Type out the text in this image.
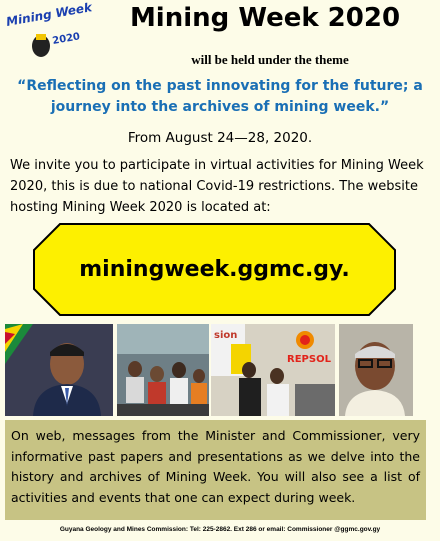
Mining Week
2020
Mining Week 2020
will be held under the theme
“Reflecting on the past innovating for the future; a journey into the archives of mining week.”
From August 24—28, 2020.
We invite you to participate in virtual activities for Mining Week 2020, this is due to national Covid-19 restrictions. The website hosting Mining Week 2020 is located at:
miningweek.ggmc.gy.
sion
REPSOL
On web, messages from the Minister and Commissioner, very informative past papers and presentations as we delve into the history and archives of Mining Week. You will also see a list of activities and events that one can expect during week.
Guyana Geology and Mines Commission: Tel: 225-2862. Ext 286 or email: Commissioner @ggmc.gov.gy
